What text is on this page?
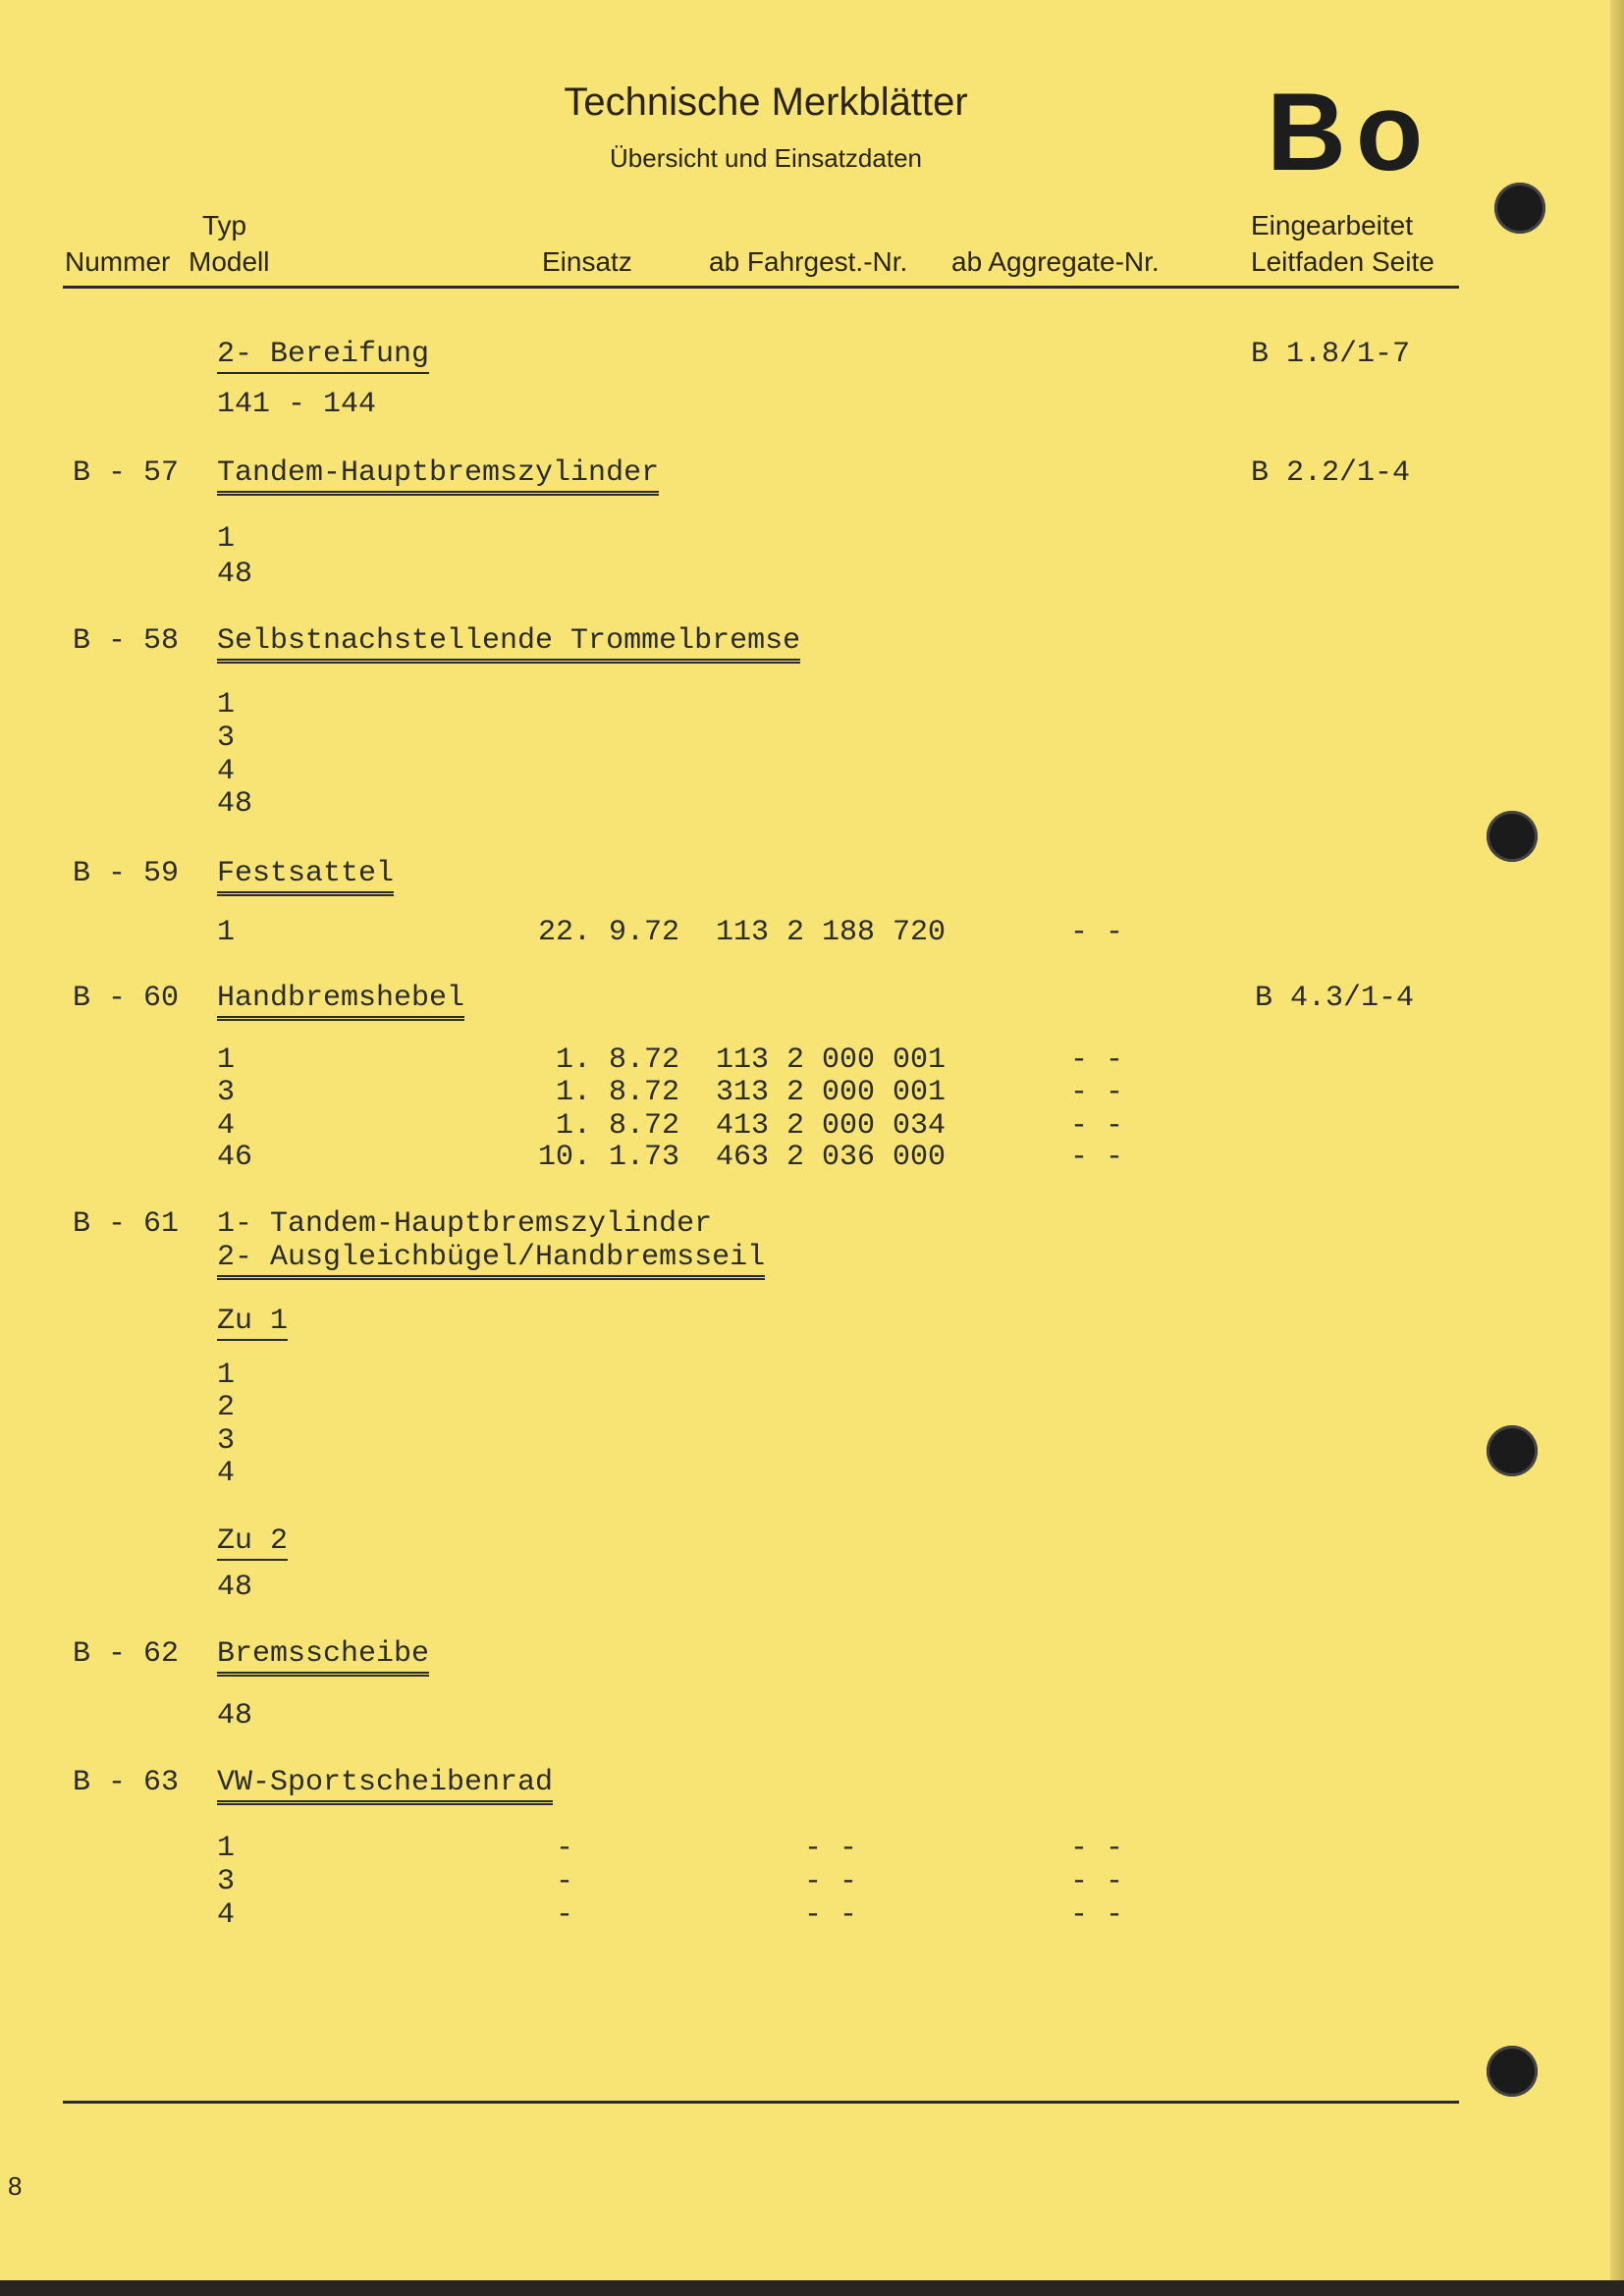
Technische Merkblätter
Übersicht und Einsatzdaten	Bo
Typ
Nummer Modell	Einsatz	ab Fahrgest.-Nr. ab Aggregate-Nr.
Eingearbeitet
Leitfaden Seite
2- Bereifung	B 1.8/1-7
141 - 144
B - 57 Tandem-Hauptbremszylinder	B 2.2/1-4
1
48
B - 58 Selbstnachstellende Trommelbremse
1
3
4
48
B - 59 Festsattel
1	22. 9.72 113 2 188 720	- -
B - 60 Handbremshebel	B 4.3/1-4
1	1. 8.72 113 2 000 001	- -
3	1. 8.72 313 2 000 001	- -
4	1. 8.72 413 2 000 034	- -
46	10. 1.73 463 2 036 000	- -
B - 61 1- Tandem-Hauptbremszylinder
2- Ausgleichbügel/Handbremsseil
Zu 1
1
2
3
4
Zu 2
48
B - 62 Bremsscheibe
48
B - 63 VW-Sportscheibenrad
1	-	- -	- -
3	-	- -	- -
4	-	- -	- -
8
